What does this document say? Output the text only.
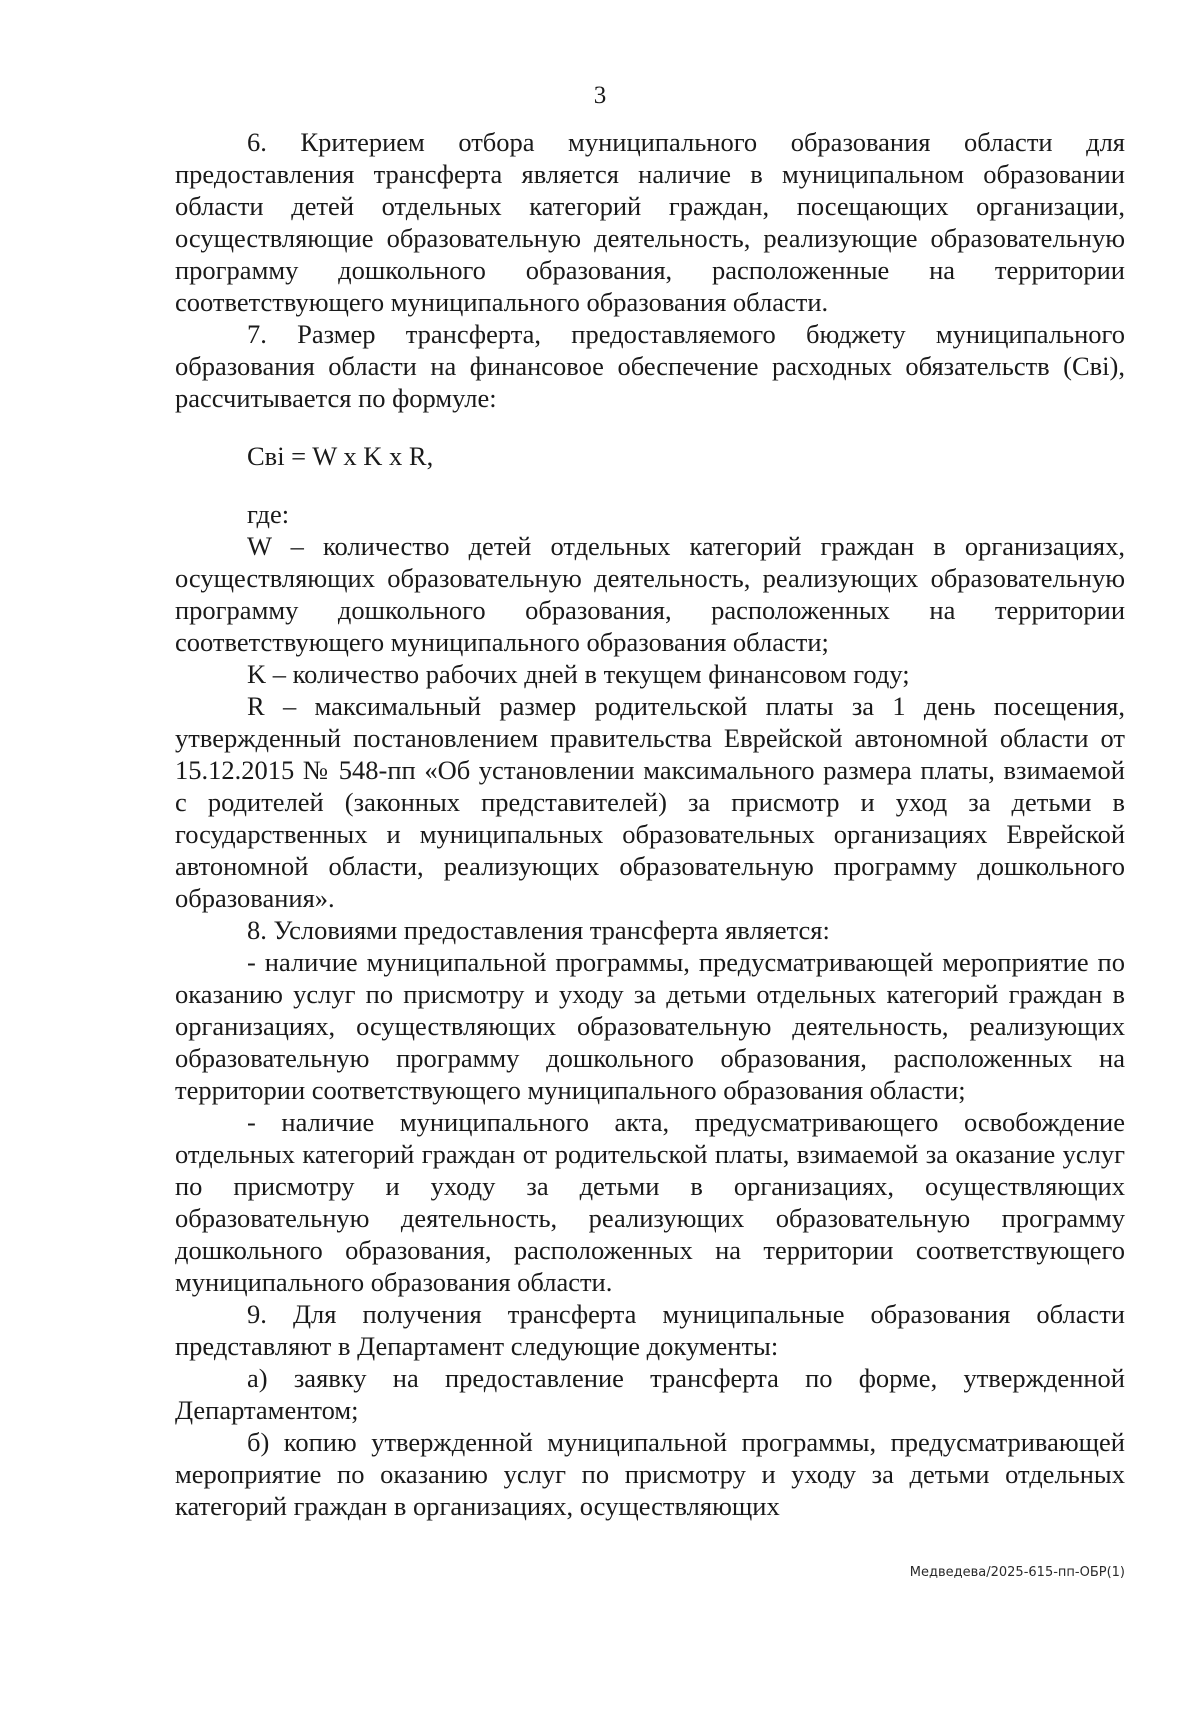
3

6. Критерием отбора муниципального образования области для предоставления трансферта является наличие в муниципальном образовании области детей отдельных категорий граждан, посещающих организации, осуществляющие образовательную деятельность, реализующие образовательную программу дошкольного образования, расположенные на территории соответствующего муниципального образования области.

7. Размер трансферта, предоставляемого бюджету муниципального образования области на финансовое обеспечение расходных обязательств (Свi), рассчитывается по формуле:

Свi = W x K x R,

где:

W – количество детей отдельных категорий граждан в организациях, осуществляющих образовательную деятельность, реализующих образовательную программу дошкольного образования, расположенных на территории соответствующего муниципального образования области;

K – количество рабочих дней в текущем финансовом году;

R – максимальный размер родительской платы за 1 день посещения, утвержденный постановлением правительства Еврейской автономной области от 15.12.2015 № 548-пп «Об установлении максимального размера платы, взимаемой с родителей (законных представителей) за присмотр и уход за детьми в государственных и муниципальных образовательных организациях Еврейской автономной области, реализующих образовательную программу дошкольного образования».

8. Условиями предоставления трансферта является:

- наличие муниципальной программы, предусматривающей мероприятие по оказанию услуг по присмотру и уходу за детьми отдельных категорий граждан в организациях, осуществляющих образовательную деятельность, реализующих образовательную программу дошкольного образования, расположенных на территории соответствующего муниципального образования области;

- наличие муниципального акта, предусматривающего освобождение отдельных категорий граждан от родительской платы, взимаемой за оказание услуг по присмотру и уходу за детьми в организациях, осуществляющих образовательную деятельность, реализующих образовательную программу дошкольного образования, расположенных на территории соответствующего муниципального образования области.

9. Для получения трансферта муниципальные образования области представляют в Департамент следующие документы:

а) заявку на предоставление трансферта по форме, утвержденной Департаментом;

б) копию утвержденной муниципальной программы, предусматривающей мероприятие по оказанию услуг по присмотру и уходу за детьми отдельных категорий граждан в организациях, осуществляющих

Медведева/2025-615-пп-ОБР(1)
